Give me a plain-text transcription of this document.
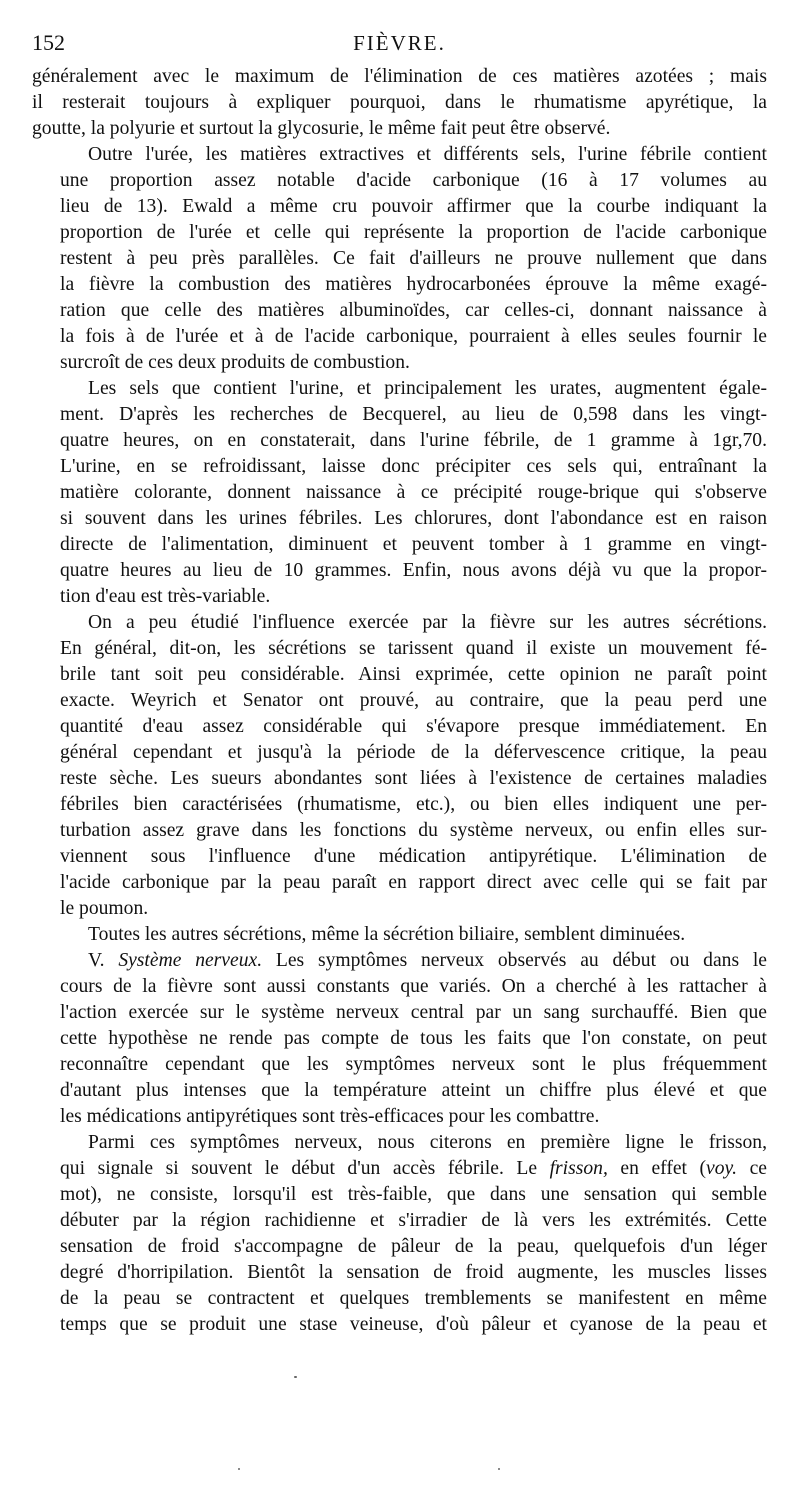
152	FIÈVRE.

généralement avec le maximum de l'élimination de ces matières azotées ; mais
il resterait toujours à expliquer pourquoi, dans le rhumatisme apyrétique, la
goutte, la polyurie et surtout la glycosurie, le même fait peut être observé.

Outre l'urée, les matières extractives et différents sels, l'urine fébrile contient
une proportion assez notable d'acide carbonique (16 à 17 volumes au
lieu de 13). Ewald a même cru pouvoir affirmer que la courbe indiquant la
proportion de l'urée et celle qui représente la proportion de l'acide carbonique
restent à peu près parallèles. Ce fait d'ailleurs ne prouve nullement que dans
la fièvre la combustion des matières hydrocarbonées éprouve la même exagé-
ration que celle des matières albuminoïdes, car celles-ci, donnant naissance à
la fois à de l'urée et à de l'acide carbonique, pourraient à elles seules fournir le
surcroît de ces deux produits de combustion.

Les sels que contient l'urine, et principalement les urates, augmentent égale-
ment. D'après les recherches de Becquerel, au lieu de 0,598 dans les vingt-
quatre heures, on en constaterait, dans l'urine fébrile, de 1 gramme à 1gr,70.
L'urine, en se refroidissant, laisse donc précipiter ces sels qui, entraînant la
matière colorante, donnent naissance à ce précipité rouge-brique qui s'observe
si souvent dans les urines fébriles. Les chlorures, dont l'abondance est en raison
directe de l'alimentation, diminuent et peuvent tomber à 1 gramme en vingt-
quatre heures au lieu de 10 grammes. Enfin, nous avons déjà vu que la propor-
tion d'eau est très-variable.

On a peu étudié l'influence exercée par la fièvre sur les autres sécrétions.
En général, dit-on, les sécrétions se tarissent quand il existe un mouvement fé-
brile tant soit peu considérable. Ainsi exprimée, cette opinion ne paraît point
exacte. Weyrich et Senator ont prouvé, au contraire, que la peau perd une
quantité d'eau assez considérable qui s'évapore presque immédiatement. En
général cependant et jusqu'à la période de la défervescence critique, la peau
reste sèche. Les sueurs abondantes sont liées à l'existence de certaines maladies
fébriles bien caractérisées (rhumatisme, etc.), ou bien elles indiquent une per-
turbation assez grave dans les fonctions du système nerveux, ou enfin elles sur-
viennent sous l'influence d'une médication antipyrétique. L'élimination de
l'acide carbonique par la peau paraît en rapport direct avec celle qui se fait par
le poumon.

Toutes les autres sécrétions, même la sécrétion biliaire, semblent diminuées.

V. Système nerveux. Les symptômes nerveux observés au début ou dans le
cours de la fièvre sont aussi constants que variés. On a cherché à les rattacher à
l'action exercée sur le système nerveux central par un sang surchauffé. Bien que
cette hypothèse ne rende pas compte de tous les faits que l'on constate, on peut
reconnaître cependant que les symptômes nerveux sont le plus fréquemment
d'autant plus intenses que la température atteint un chiffre plus élevé et que
les médications antipyrétiques sont très-efficaces pour les combattre.

Parmi ces symptômes nerveux, nous citerons en première ligne le frisson,
qui signale si souvent le début d'un accès fébrile. Le frisson, en effet (voy. ce
mot), ne consiste, lorsqu'il est très-faible, que dans une sensation qui semble
débuter par la région rachidienne et s'irradier de là vers les extrémités. Cette
sensation de froid s'accompagne de pâleur de la peau, quelquefois d'un léger
degré d'horripilation. Bientôt la sensation de froid augmente, les muscles lisses
de la peau se contractent et quelques tremblements se manifestent en même
temps que se produit une stase veineuse, d'où pâleur et cyanose de la peau et
